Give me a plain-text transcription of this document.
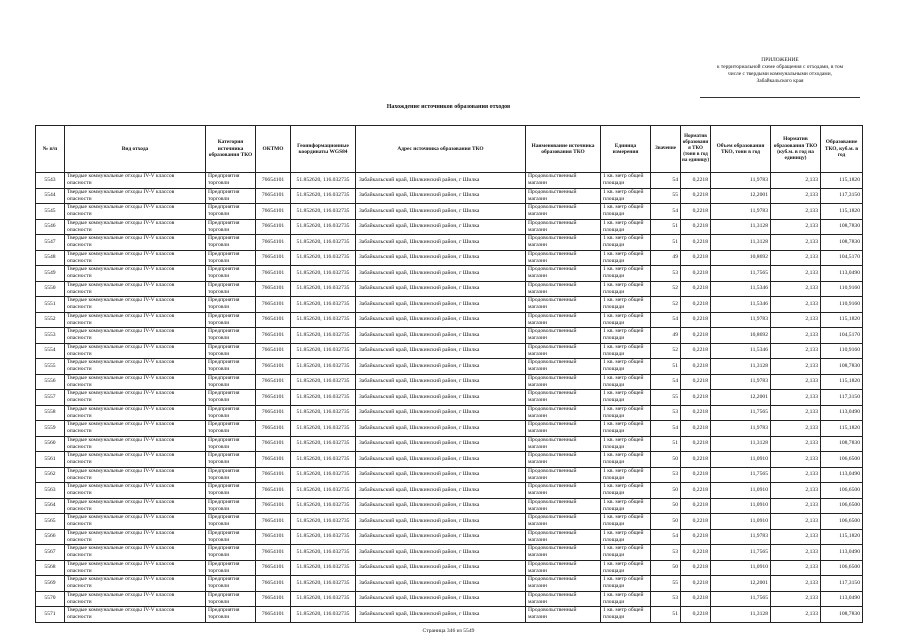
ПРИЛОЖЕНИЕ
к территориальной схеме обращения с отходами, в том
числе с твердыми коммунальными отходами,
Забайкальского края
Нахождение источников образования отходов
№ п/п	Вид отхода	Категория источника образования ТКО	ОКТМО	Геоинформационные координаты WGS84	Адрес источника образования ТКО	Наименование источника образования ТКО	Единица измерения	Значение	Норматив образования ТКО (тонн в год на единицу)	Объем образования ТКО, тонн в год	Норматив образования ТКО (куб.м. в год на единицу)	Образование ТКО, куб.м. в год

5543	Твердые коммунальные отходы IV-V классов опасности	Предприятия торговли	76654101	51.852620, 116.032735	Забайкальский край, Шилкинский район, г Шилка	Продовольственный магазин	1 кв. метр общей площади	54	0,2218	11,9783	2,133	115,1820

5544	Твердые коммунальные отходы IV-V классов опасности	Предприятия торговли	76654101	51.852620, 116.032735	Забайкальский край, Шилкинский район, г Шилка	Продовольственный магазин	1 кв. метр общей площади	55	0,2218	12,2001	2,133	117,3150

5545	Твердые коммунальные отходы IV-V классов опасности	Предприятия торговли	76654101	51.852620, 116.032735	Забайкальский край, Шилкинский район, г Шилка	Продовольственный магазин	1 кв. метр общей площади	54	0,2218	11,9783	2,133	115,1820

5546	Твердые коммунальные отходы IV-V классов опасности	Предприятия торговли	76654101	51.852620, 116.032735	Забайкальский край, Шилкинский район, г Шилка	Продовольственный магазин	1 кв. метр общей площади	51	0,2218	11,3128	2,133	108,7830

5547	Твердые коммунальные отходы IV-V классов опасности	Предприятия торговли	76654101	51.852620, 116.032735	Забайкальский край, Шилкинский район, г Шилка	Продовольственный магазин	1 кв. метр общей площади	51	0,2218	11,3128	2,133	108,7830

5548	Твердые коммунальные отходы IV-V классов опасности	Предприятия торговли	76654101	51.852620, 116.032735	Забайкальский край, Шилкинский район, г Шилка	Продовольственный магазин	1 кв. метр общей площади	49	0,2218	10,8692	2,133	104,5170

5549	Твердые коммунальные отходы IV-V классов опасности	Предприятия торговли	76654101	51.852620, 116.032735	Забайкальский край, Шилкинский район, г Шилка	Продовольственный магазин	1 кв. метр общей площади	53	0,2218	11,7565	2,133	113,0490

5550	Твердые коммунальные отходы IV-V классов опасности	Предприятия торговли	76654101	51.852620, 116.032735	Забайкальский край, Шилкинский район, г Шилка	Продовольственный магазин	1 кв. метр общей площади	52	0,2218	11,5346	2,133	110,9160

5551	Твердые коммунальные отходы IV-V классов опасности	Предприятия торговли	76654101	51.852620, 116.032735	Забайкальский край, Шилкинский район, г Шилка	Продовольственный магазин	1 кв. метр общей площади	52	0,2218	11,5346	2,133	110,9160

5552	Твердые коммунальные отходы IV-V классов опасности	Предприятия торговли	76654101	51.852620, 116.032735	Забайкальский край, Шилкинский район, г Шилка	Продовольственный магазин	1 кв. метр общей площади	54	0,2218	11,9783	2,133	115,1820

5553	Твердые коммунальные отходы IV-V классов опасности	Предприятия торговли	76654101	51.852620, 116.032735	Забайкальский край, Шилкинский район, г Шилка	Продовольственный магазин	1 кв. метр общей площади	49	0,2218	10,8692	2,133	104,5170

5554	Твердые коммунальные отходы IV-V классов опасности	Предприятия торговли	76654101	51.852620, 116.032735	Забайкальский край, Шилкинский район, г Шилка	Продовольственный магазин	1 кв. метр общей площади	52	0,2218	11,5346	2,133	110,9160

5555	Твердые коммунальные отходы IV-V классов опасности	Предприятия торговли	76654101	51.852620, 116.032735	Забайкальский край, Шилкинский район, г Шилка	Продовольственный магазин	1 кв. метр общей площади	51	0,2218	11,3128	2,133	108,7830

5556	Твердые коммунальные отходы IV-V классов опасности	Предприятия торговли	76654101	51.852620, 116.032735	Забайкальский край, Шилкинский район, г Шилка	Продовольственный магазин	1 кв. метр общей площади	54	0,2218	11,9783	2,133	115,1820

5557	Твердые коммунальные отходы IV-V классов опасности	Предприятия торговли	76654101	51.852620, 116.032735	Забайкальский край, Шилкинский район, г Шилка	Продовольственный магазин	1 кв. метр общей площади	55	0,2218	12,2001	2,133	117,3150

5558	Твердые коммунальные отходы IV-V классов опасности	Предприятия торговли	76654101	51.852620, 116.032735	Забайкальский край, Шилкинский район, г Шилка	Продовольственный магазин	1 кв. метр общей площади	53	0,2218	11,7565	2,133	113,0490

5559	Твердые коммунальные отходы IV-V классов опасности	Предприятия торговли	76654101	51.852620, 116.032735	Забайкальский край, Шилкинский район, г Шилка	Продовольственный магазин	1 кв. метр общей площади	54	0,2218	11,9783	2,133	115,1820

5560	Твердые коммунальные отходы IV-V классов опасности	Предприятия торговли	76654101	51.852620, 116.032735	Забайкальский край, Шилкинский район, г Шилка	Продовольственный магазин	1 кв. метр общей площади	51	0,2218	11,3128	2,133	108,7830

5561	Твердые коммунальные отходы IV-V классов опасности	Предприятия торговли	76654101	51.852620, 116.032735	Забайкальский край, Шилкинский район, г Шилка	Продовольственный магазин	1 кв. метр общей площади	50	0,2218	11,0910	2,133	106,6500

5562	Твердые коммунальные отходы IV-V классов опасности	Предприятия торговли	76654101	51.852620, 116.032735	Забайкальский край, Шилкинский район, г Шилка	Продовольственный магазин	1 кв. метр общей площади	53	0,2218	11,7565	2,133	113,0490

5563	Твердые коммунальные отходы IV-V классов опасности	Предприятия торговли	76654101	51.852620, 116.032735	Забайкальский край, Шилкинский район, г Шилка	Продовольственный магазин	1 кв. метр общей площади	50	0,2218	11,0910	2,133	106,6500

5564	Твердые коммунальные отходы IV-V классов опасности	Предприятия торговли	76654101	51.852620, 116.032735	Забайкальский край, Шилкинский район, г Шилка	Продовольственный магазин	1 кв. метр общей площади	50	0,2218	11,0910	2,133	106,6500

5565	Твердые коммунальные отходы IV-V классов опасности	Предприятия торговли	76654101	51.852620, 116.032735	Забайкальский край, Шилкинский район, г Шилка	Продовольственный магазин	1 кв. метр общей площади	50	0,2218	11,0910	2,133	106,6500

5566	Твердые коммунальные отходы IV-V классов опасности	Предприятия торговли	76654101	51.852620, 116.032735	Забайкальский край, Шилкинский район, г Шилка	Продовольственный магазин	1 кв. метр общей площади	54	0,2218	11,9783	2,133	115,1820

5567	Твердые коммунальные отходы IV-V классов опасности	Предприятия торговли	76654101	51.852620, 116.032735	Забайкальский край, Шилкинский район, г Шилка	Продовольственный магазин	1 кв. метр общей площади	53	0,2218	11,7565	2,133	113,0490

5568	Твердые коммунальные отходы IV-V классов опасности	Предприятия торговли	76654101	51.852620, 116.032735	Забайкальский край, Шилкинский район, г Шилка	Продовольственный магазин	1 кв. метр общей площади	50	0,2218	11,0910	2,133	106,6500

5569	Твердые коммунальные отходы IV-V классов опасности	Предприятия торговли	76654101	51.852620, 116.032735	Забайкальский край, Шилкинский район, г Шилка	Продовольственный магазин	1 кв. метр общей площади	55	0,2218	12,2001	2,133	117,3150

5570	Твердые коммунальные отходы IV-V классов опасности	Предприятия торговли	76654101	51.852620, 116.032735	Забайкальский край, Шилкинский район, г Шилка	Продовольственный магазин	1 кв. метр общей площади	53	0,2218	11,7565	2,133	113,0490

5571	Твердые коммунальные отходы IV-V классов опасности	Предприятия торговли	76654101	51.852620, 116.032735	Забайкальский край, Шилкинский район, г Шилка	Продовольственный магазин	1 кв. метр общей площади	51	0,2218	11,3128	2,133	108,7830
Страница 346 из 5549
